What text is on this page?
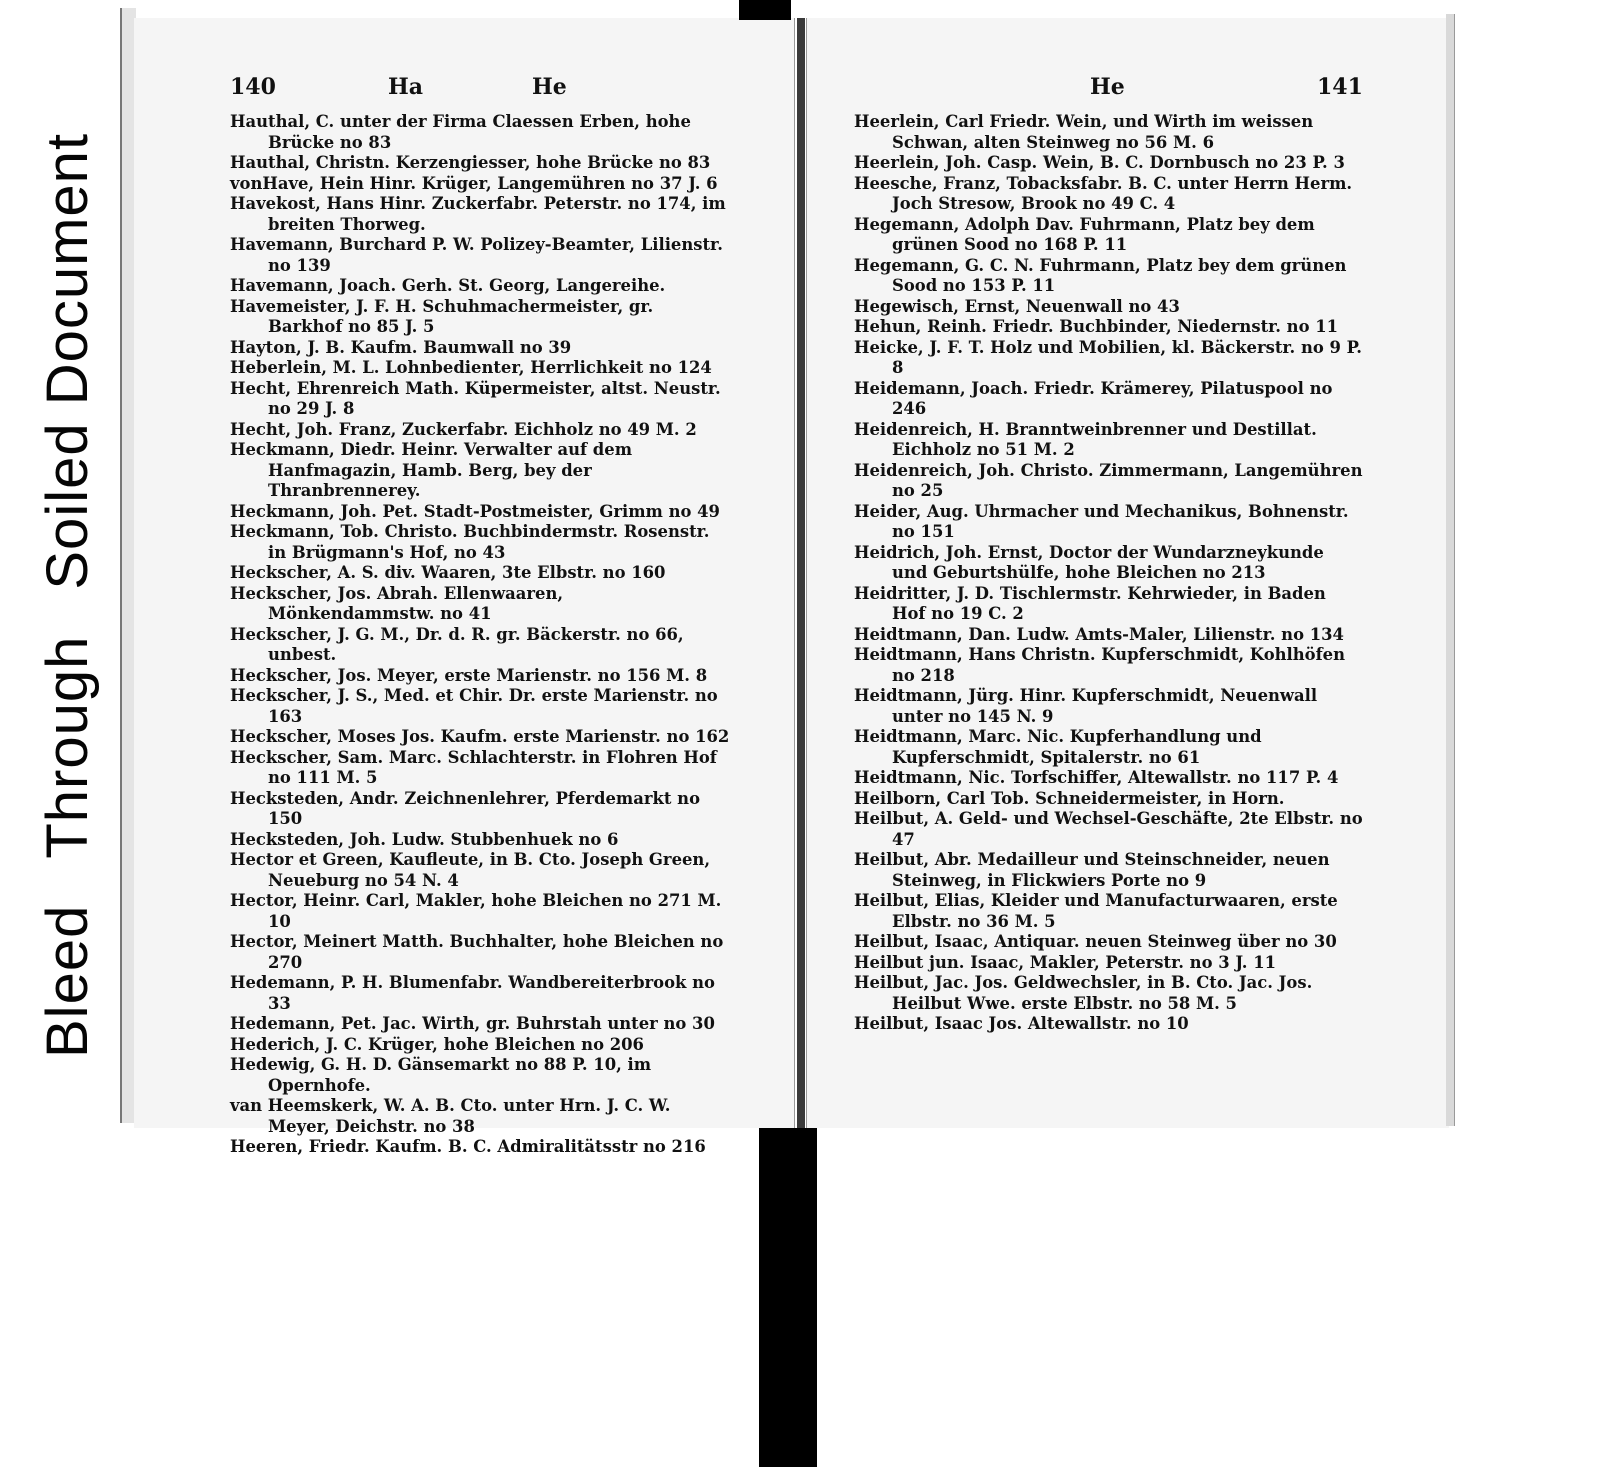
BleedThroughSoiled Document
140	Ha	He	He	141

Hauthal, C. unter der Firma Claessen Erben, hohe Brücke no 83

Hauthal, Christn. Kerzengiesser, hohe Brücke no 83

vonHave, Hein Hinr. Krüger, Langemühren no 37 J. 6

Havekost, Hans Hinr. Zuckerfabr. Peterstr. no 174, im breiten Thorweg.

Havemann, Burchard P. W. Polizey-Beamter, Lilienstr. no 139

Havemann, Joach. Gerh. St. Georg, Langereihe.

Havemeister, J. F. H. Schuhmachermeister, gr. Barkhof no 85 J. 5

Hayton, J. B. Kaufm. Baumwall no 39

Heberlein, M. L. Lohnbedienter, Herrlichkeit no 124

Hecht, Ehrenreich Math. Küpermeister, altst. Neustr. no 29 J. 8

Hecht, Joh. Franz, Zuckerfabr. Eichholz no 49 M. 2

Heckmann, Diedr. Heinr. Verwalter auf dem Hanfmagazin, Hamb. Berg, bey der Thranbrennerey.

Heckmann, Joh. Pet. Stadt-Postmeister, Grimm no 49

Heckmann, Tob. Christo. Buchbindermstr. Rosenstr. in Brügmann's Hof, no 43

Heckscher, A. S. div. Waaren, 3te Elbstr. no 160

Heckscher, Jos. Abrah. Ellenwaaren, Mönkendammstw. no 41

Heckscher, J. G. M., Dr. d. R. gr. Bäckerstr. no 66, unbest.

Heckscher, Jos. Meyer, erste Marienstr. no 156 M. 8

Heckscher, J. S., Med. et Chir. Dr. erste Marienstr. no 163

Heckscher, Moses Jos. Kaufm. erste Marienstr. no 162

Heckscher, Sam. Marc. Schlachterstr. in Flohren Hof no 111 M. 5

Hecksteden, Andr. Zeichnenlehrer, Pferdemarkt no 150

Hecksteden, Joh. Ludw. Stubbenhuek no 6

Hector et Green, Kaufleute, in B. Cto. Joseph Green, Neueburg no 54 N. 4

Hector, Heinr. Carl, Makler, hohe Bleichen no 271 M. 10

Hector, Meinert Matth. Buchhalter, hohe Bleichen no 270

Hedemann, P. H. Blumenfabr. Wandbereiterbrook no 33

Hedemann, Pet. Jac. Wirth, gr. Buhrstah unter no 30

Hederich, J. C. Krüger, hohe Bleichen no 206

Hedewig, G. H. D. Gänsemarkt no 88 P. 10, im Opernhofe.

van Heemskerk, W. A. B. Cto. unter Hrn. J. C. W. Meyer, Deichstr. no 38

Heeren, Friedr. Kaufm. B. C. Admiralitätsstr no 216

Heerlein, Carl Friedr. Wein, und Wirth im weissen Schwan, alten Steinweg no 56 M. 6

Heerlein, Joh. Casp. Wein, B. C. Dornbusch no 23 P. 3

Heesche, Franz, Tobacksfabr. B. C. unter Herrn Herm. Joch Stresow, Brook no 49 C. 4

Hegemann, Adolph Dav. Fuhrmann, Platz bey dem grünen Sood no 168 P. 11

Hegemann, G. C. N. Fuhrmann, Platz bey dem grünen Sood no 153 P. 11

Hegewisch, Ernst, Neuenwall no 43

Hehun, Reinh. Friedr. Buchbinder, Niedernstr. no 11

Heicke, J. F. T. Holz und Mobilien, kl. Bäckerstr. no 9 P. 8

Heidemann, Joach. Friedr. Krämerey, Pilatuspool no 246

Heidenreich, H. Branntweinbrenner und Destillat. Eichholz no 51 M. 2

Heidenreich, Joh. Christo. Zimmermann, Langemühren no 25

Heider, Aug. Uhrmacher und Mechanikus, Bohnenstr. no 151

Heidrich, Joh. Ernst, Doctor der Wundarzneykunde und Geburtshülfe, hohe Bleichen no 213

Heidritter, J. D. Tischlermstr. Kehrwieder, in Baden Hof no 19 C. 2

Heidtmann, Dan. Ludw. Amts-Maler, Lilienstr. no 134

Heidtmann, Hans Christn. Kupferschmidt, Kohlhöfen no 218

Heidtmann, Jürg. Hinr. Kupferschmidt, Neuenwall unter no 145 N. 9

Heidtmann, Marc. Nic. Kupferhandlung und Kupferschmidt, Spitalerstr. no 61

Heidtmann, Nic. Torfschiffer, Altewallstr. no 117 P. 4

Heilborn, Carl Tob. Schneidermeister, in Horn.

Heilbut, A. Geld- und Wechsel-Geschäfte, 2te Elbstr. no 47

Heilbut, Abr. Medailleur und Steinschneider, neuen Steinweg, in Flickwiers Porte no 9

Heilbut, Elias, Kleider und Manufacturwaaren, erste Elbstr. no 36 M. 5

Heilbut, Isaac, Antiquar. neuen Steinweg über no 30

Heilbut jun. Isaac, Makler, Peterstr. no 3 J. 11

Heilbut, Jac. Jos. Geldwechsler, in B. Cto. Jac. Jos. Heilbut Wwe. erste Elbstr. no 58 M. 5

Heilbut, Isaac Jos. Altewallstr. no 10
